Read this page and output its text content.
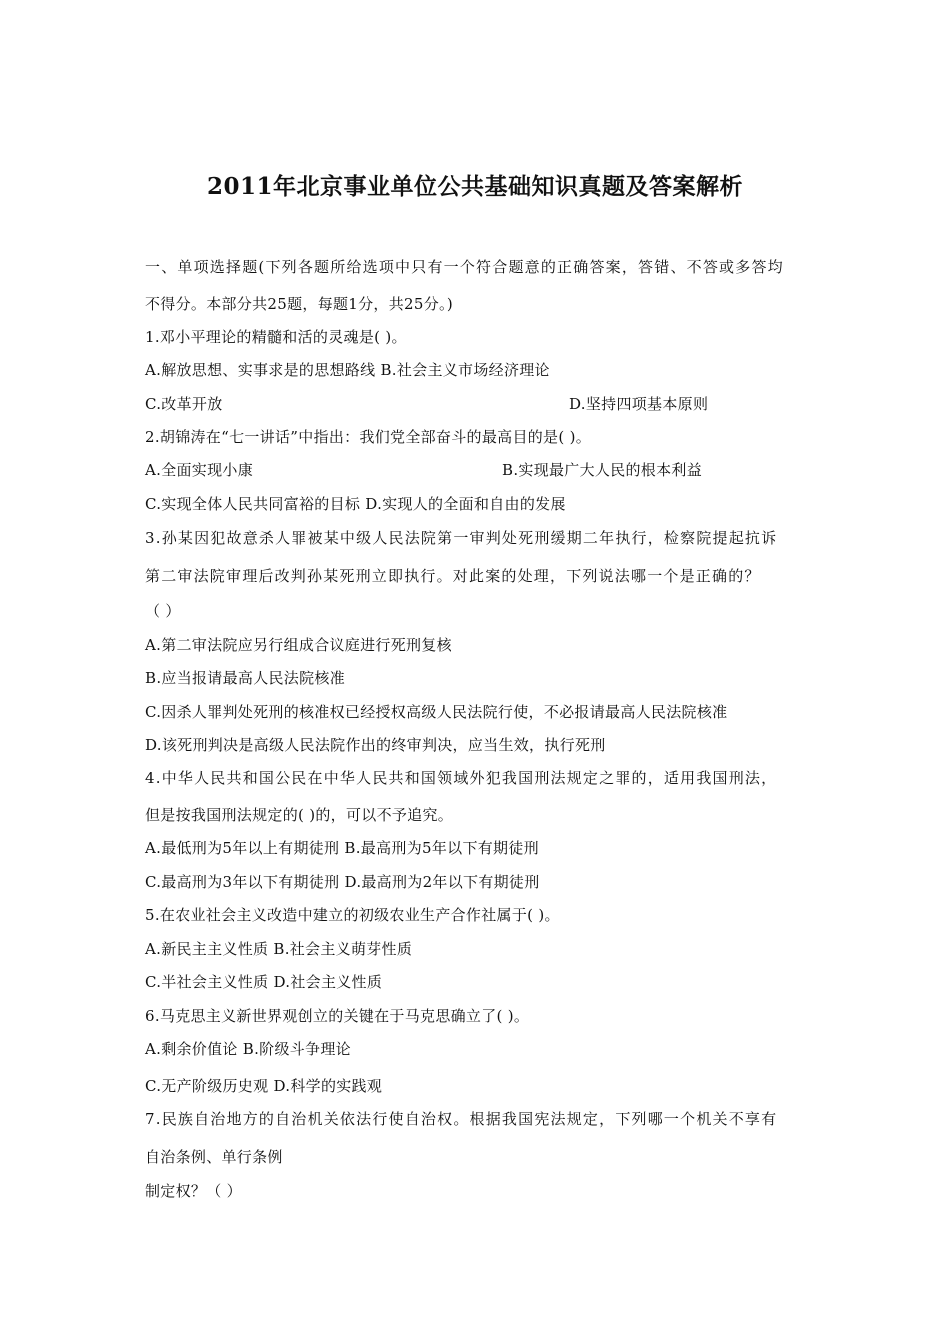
2011年北京事业单位公共基础知识真题及答案解析
一、单项选择题(下列各题所给选项中只有一个符合题意的正确答案，答错、不答或多答均
不得分。本部分共25题，每题1分，共25分。)
1.邓小平理论的精髓和活的灵魂是( )。
A.解放思想、实事求是的思想路线 B.社会主义市场经济理论
C.改革开放	D.坚持四项基本原则
2.胡锦涛在“七一讲话”中指出：我们党全部奋斗的最高目的是( )。
A.全面实现小康	B.实现最广大人民的根本利益
C.实现全体人民共同富裕的目标 D.实现人的全面和自由的发展
3.孙某因犯故意杀人罪被某中级人民法院第一审判处死刑缓期二年执行，检察院提起抗诉
第二审法院审理后改判孙某死刑立即执行。对此案的处理，下列说法哪一个是正确的？
（ ）
A.第二审法院应另行组成合议庭进行死刑复核
B.应当报请最高人民法院核准
C.因杀人罪判处死刑的核准权已经授权高级人民法院行使，不必报请最高人民法院核准
D.该死刑判决是高级人民法院作出的终审判决，应当生效，执行死刑
4.中华人民共和国公民在中华人民共和国领域外犯我国刑法规定之罪的，适用我国刑法，
但是按我国刑法规定的( )的，可以不予追究。
A.最低刑为5年以上有期徒刑 B.最高刑为5年以下有期徒刑
C.最高刑为3年以下有期徒刑 D.最高刑为2年以下有期徒刑
5.在农业社会主义改造中建立的初级农业生产合作社属于( )。
A.新民主主义性质 B.社会主义萌芽性质
C.半社会主义性质 D.社会主义性质
6.马克思主义新世界观创立的关键在于马克思确立了( )。
A.剩余价值论 B.阶级斗争理论
C.无产阶级历史观 D.科学的实践观
7.民族自治地方的自治机关依法行使自治权。根据我国宪法规定，下列哪一个机关不享有
自治条例、单行条例
制定权？（ ）
